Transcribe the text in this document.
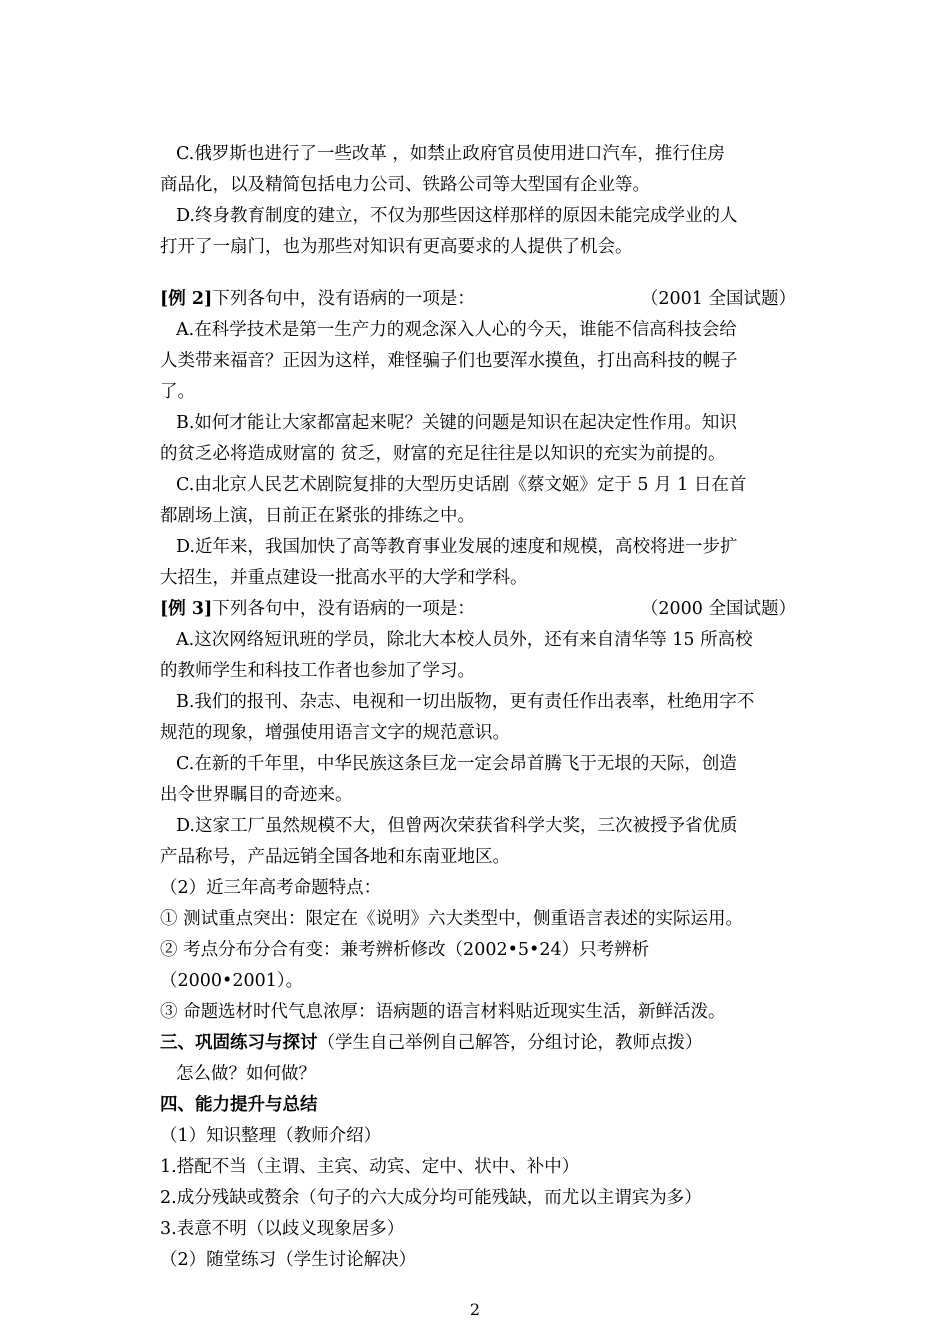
C.俄罗斯也进行了一些改革 ，如禁止政府官员使用进口汽车，推行住房
商品化，以及精简包括电力公司、铁路公司等大型国有企业等。
D.终身教育制度的建立，不仅为那些因这样那样的原因未能完成学业的人
打开了一扇门，也为那些对知识有更高要求的人提供了机会。
[例 2]下列各句中，没有语病的一项是：	（2001 全国试题）
A.在科学技术是第一生产力的观念深入人心的今天，谁能不信高科技会给
人类带来福音？正因为这样，难怪骗子们也要浑水摸鱼，打出高科技的幌子
了。
B.如何才能让大家都富起来呢？关键的问题是知识在起决定性作用。知识
的贫乏必将造成财富的 贫乏，财富的充足往往是以知识的充实为前提的。
C.由北京人民艺术剧院复排的大型历史话剧《蔡文姬》定于 5 月 1 日在首
都剧场上演，日前正在紧张的排练之中。
D.近年来，我国加快了高等教育事业发展的速度和规模，高校将进一步扩
大招生，并重点建设一批高水平的大学和学科。
[例 3]下列各句中，没有语病的一项是：	（2000 全国试题）
A.这次网络短讯班的学员，除北大本校人员外，还有来自清华等 15 所高校
的教师学生和科技工作者也参加了学习。
B.我们的报刊、杂志、电视和一切出版物，更有责任作出表率，杜绝用字不
规范的现象，增强使用语言文字的规范意识。
C.在新的千年里，中华民族这条巨龙一定会昂首腾飞于无垠的天际，创造
出令世界瞩目的奇迹来。
D.这家工厂虽然规模不大，但曾两次荣获省科学大奖，三次被授予省优质
产品称号，产品远销全国各地和东南亚地区。
（2）近三年高考命题特点：
① 测试重点突出：限定在《说明》六大类型中，侧重语言表述的实际运用。
② 考点分布分合有变：兼考辨析修改（2002•5•24）只考辨析
（2000•2001）。
③ 命题选材时代气息浓厚：语病题的语言材料贴近现实生活，新鲜活泼。
三、巩固练习与探讨（学生自己举例自己解答，分组讨论，教师点拨）
怎么做？如何做？
四、能力提升与总结
（1）知识整理（教师介绍）
1.搭配不当（主谓、主宾、动宾、定中、状中、补中）
2.成分残缺或赘余（句子的六大成分均可能残缺，而尤以主谓宾为多）
3.表意不明（以歧义现象居多）
（2）随堂练习（学生讨论解决）
2
